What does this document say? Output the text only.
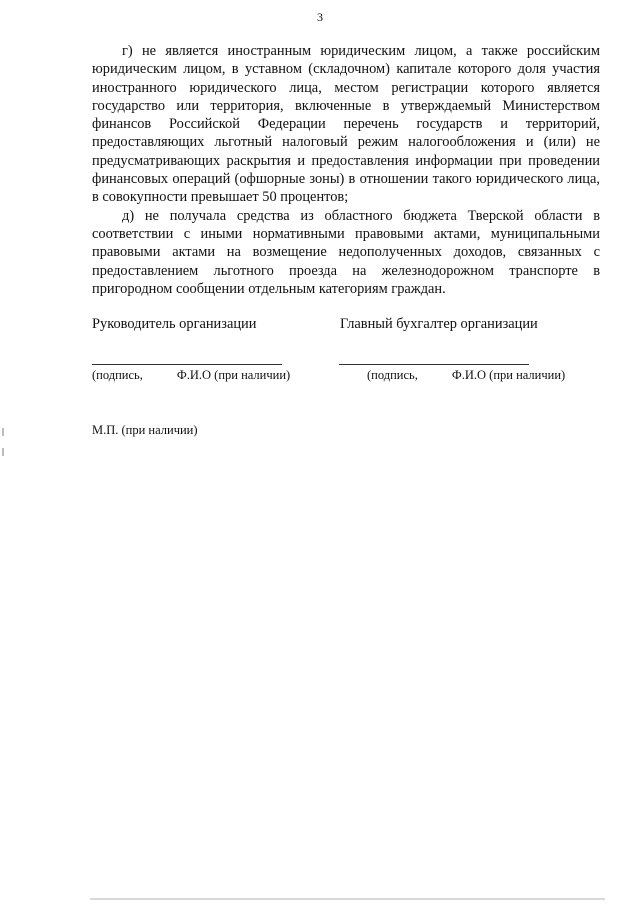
3

г) не является иностранным юридическим лицом, а также российским юридическим лицом, в уставном (складочном) капитале которого доля участия иностранного юридического лица, местом регистрации которого является государство или территория, включенные в утверждаемый Министерством финансов Российской Федерации перечень государств и территорий, предоставляющих льготный налоговый режим налогообложения и (или) не предусматривающих раскрытия и предоставления информации при проведении финансовых операций (офшорные зоны) в отношении такого юридического лица, в совокупности превышает 50 процентов;

д) не получала средства из областного бюджета Тверской области в соответствии с иными нормативными правовыми актами, муниципальными правовыми актами на возмещение недополученных доходов, связанных с предоставлением льготного проезда на железнодорожном транспорте в пригородном сообщении отдельным категориям граждан.

Руководитель организации	Главный бухгалтер организации
(подпись,	Ф.И.О (при наличии)	(подпись,	Ф.И.О (при наличии)
М.П. (при наличии)
